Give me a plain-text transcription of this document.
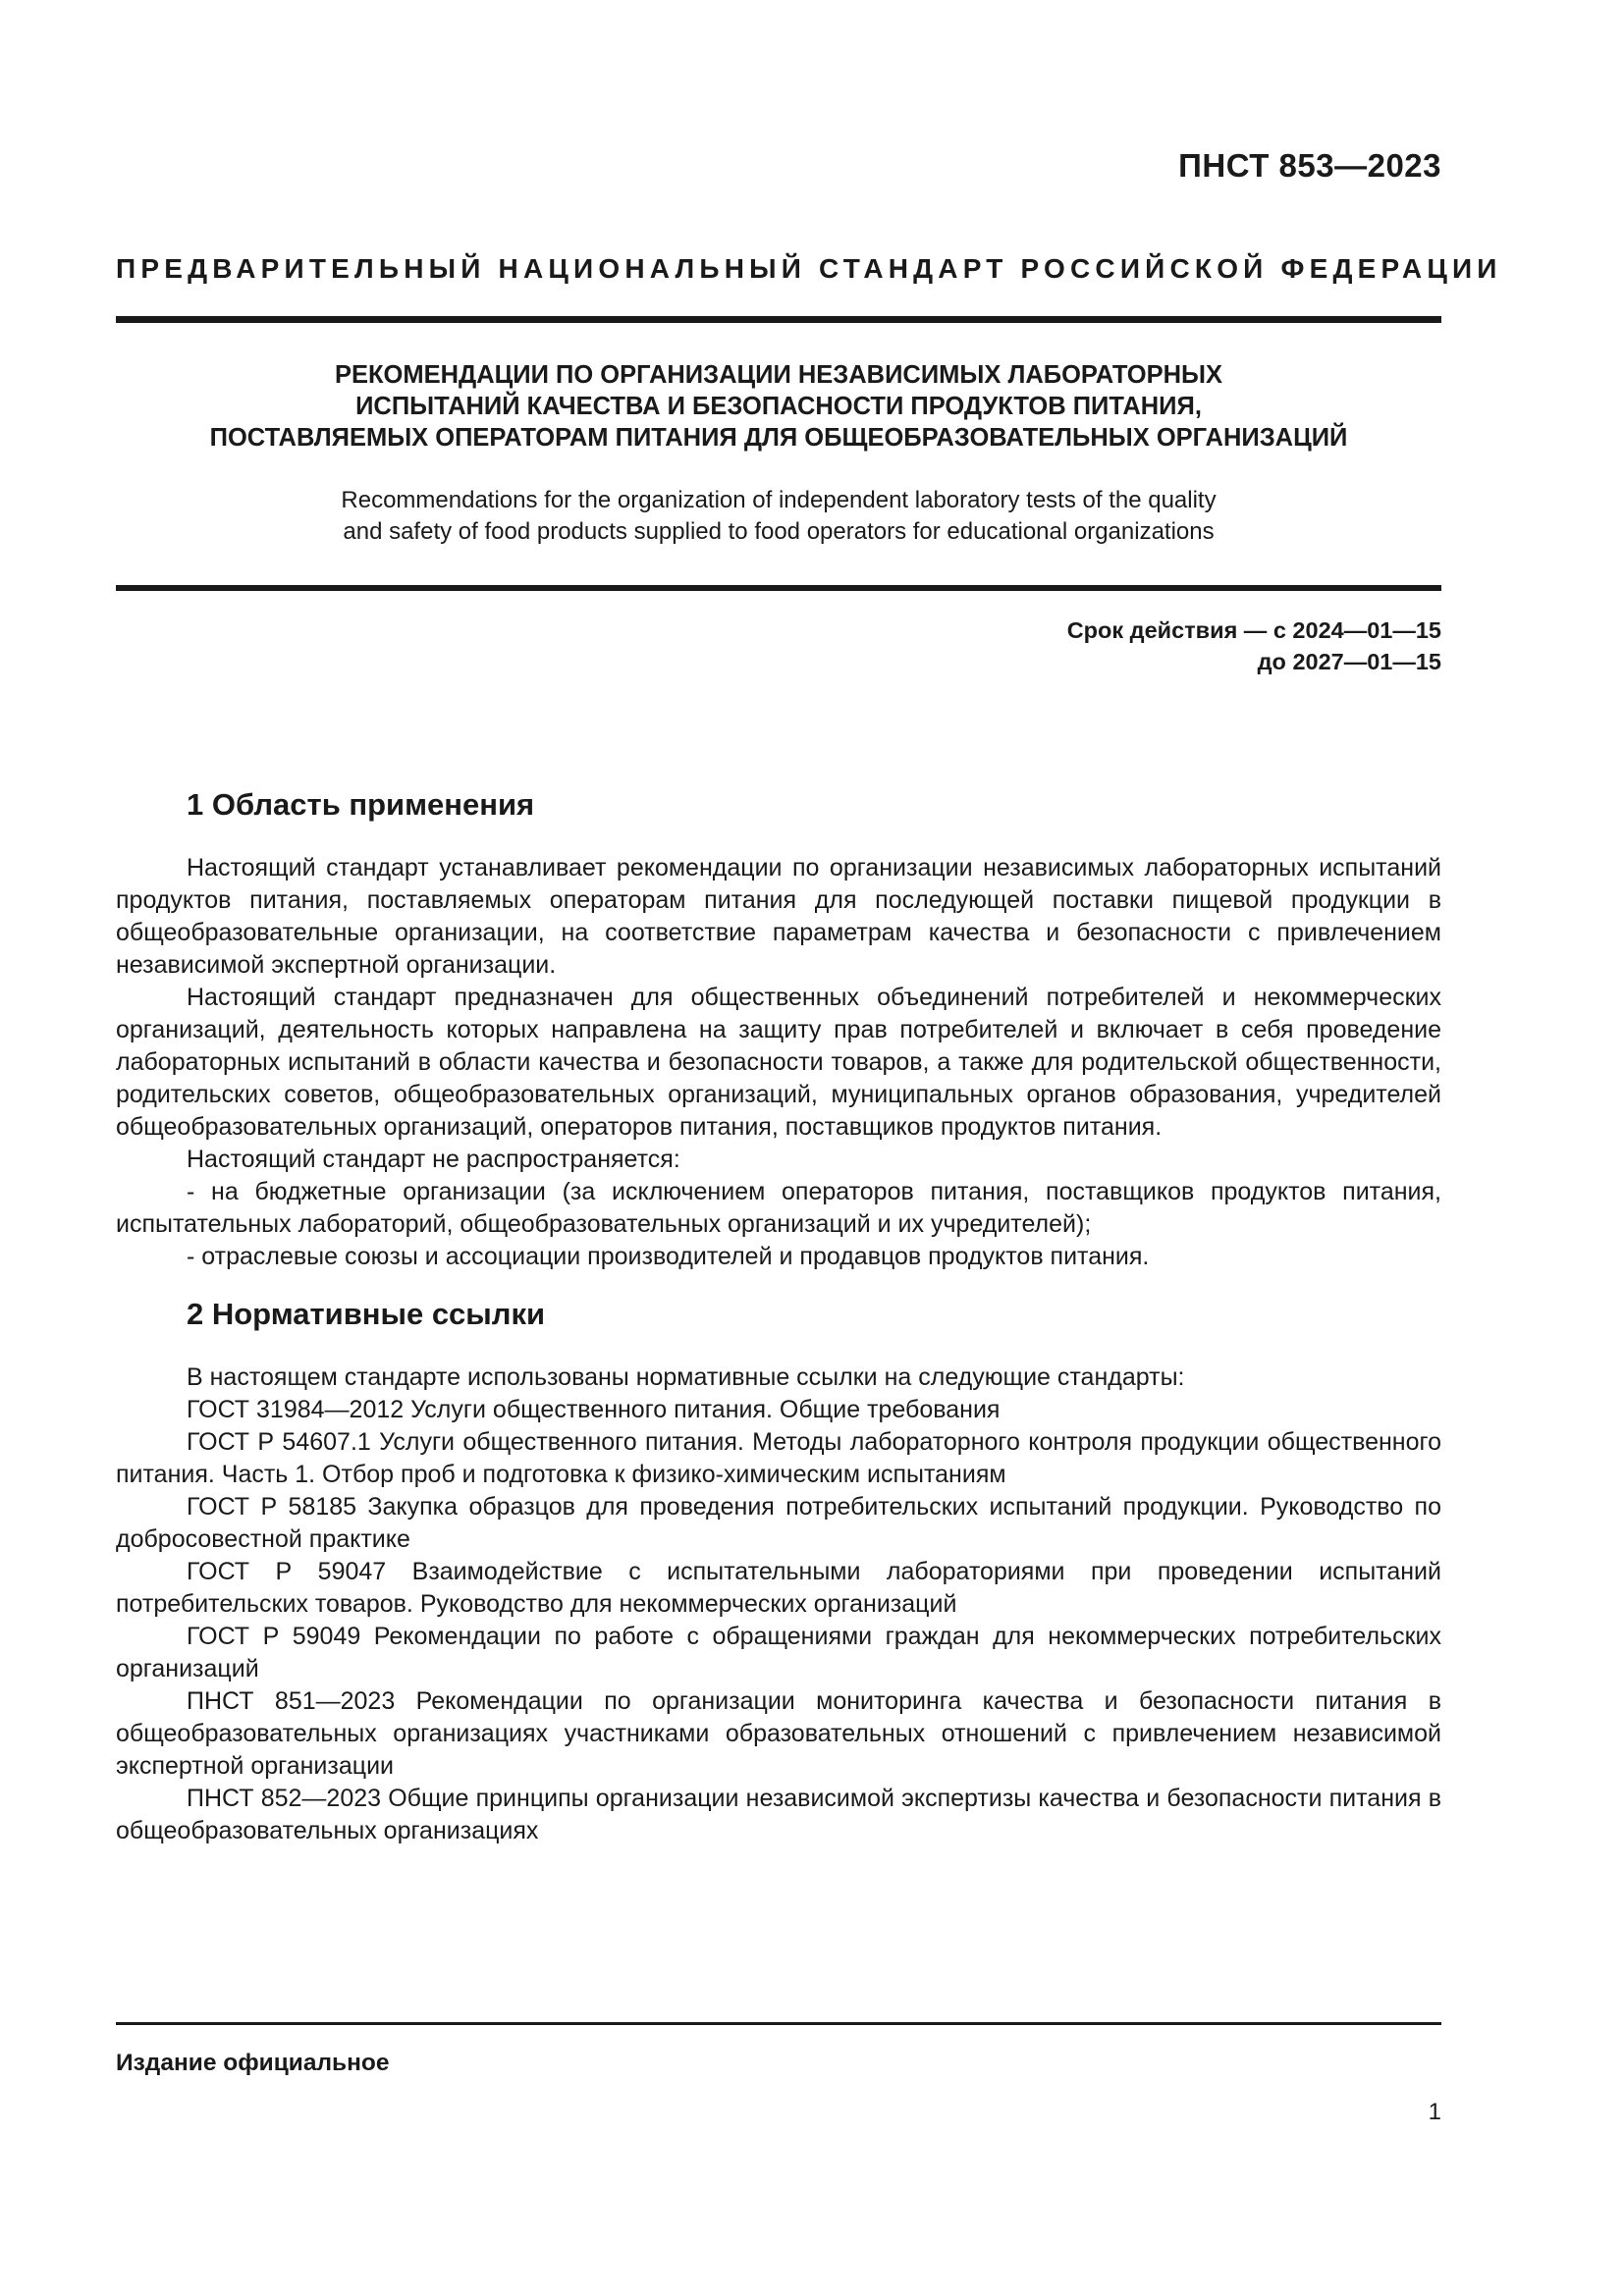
ПНСТ 853—2023
ПРЕДВАРИТЕЛЬНЫЙ НАЦИОНАЛЬНЫЙ СТАНДАРТ РОССИЙСКОЙ ФЕДЕРАЦИИ
РЕКОМЕНДАЦИИ ПО ОРГАНИЗАЦИИ НЕЗАВИСИМЫХ ЛАБОРАТОРНЫХ
ИСПЫТАНИЙ КАЧЕСТВА И БЕЗОПАСНОСТИ ПРОДУКТОВ ПИТАНИЯ,
ПОСТАВЛЯЕМЫХ ОПЕРАТОРАМ ПИТАНИЯ ДЛЯ ОБЩЕОБРАЗОВАТЕЛЬНЫХ ОРГАНИЗАЦИЙ
Recommendations for the organization of independent laboratory tests of the quality
and safety of food products supplied to food operators for educational organizations
Срок действия — с 2024—01—15
до 2027—01—15
1 Область применения

Настоящий стандарт устанавливает рекомендации по организации независимых лабораторных испытаний продуктов питания, поставляемых операторам питания для последующей поставки пищевой продукции в общеобразовательные организации, на соответствие параметрам качества и безопасности с привлечением независимой экспертной организации.

Настоящий стандарт предназначен для общественных объединений потребителей и некоммерческих организаций, деятельность которых направлена на защиту прав потребителей и включает в себя проведение лабораторных испытаний в области качества и безопасности товаров, а также для родительской общественности, родительских советов, общеобразовательных организаций, муниципальных органов образования, учредителей общеобразовательных организаций, операторов питания, поставщиков продуктов питания.

Настоящий стандарт не распространяется:

- на бюджетные организации (за исключением операторов питания, поставщиков продуктов питания, испытательных лабораторий, общеобразовательных организаций и их учредителей);

- отраслевые союзы и ассоциации производителей и продавцов продуктов питания.

2 Нормативные ссылки

В настоящем стандарте использованы нормативные ссылки на следующие стандарты:

ГОСТ 31984—2012 Услуги общественного питания. Общие требования

ГОСТ Р 54607.1 Услуги общественного питания. Методы лабораторного контроля продукции общественного питания. Часть 1. Отбор проб и подготовка к физико-химическим испытаниям

ГОСТ Р 58185 Закупка образцов для проведения потребительских испытаний продукции. Руководство по добросовестной практике

ГОСТ Р 59047 Взаимодействие с испытательными лабораториями при проведении испытаний потребительских товаров. Руководство для некоммерческих организаций

ГОСТ Р 59049 Рекомендации по работе с обращениями граждан для некоммерческих потребительских организаций

ПНСТ 851—2023 Рекомендации по организации мониторинга качества и безопасности питания в общеобразовательных организациях участниками образовательных отношений с привлечением независимой экспертной организации

ПНСТ 852—2023 Общие принципы организации независимой экспертизы качества и безопасности питания в общеобразовательных организациях

Издание официальное
1
